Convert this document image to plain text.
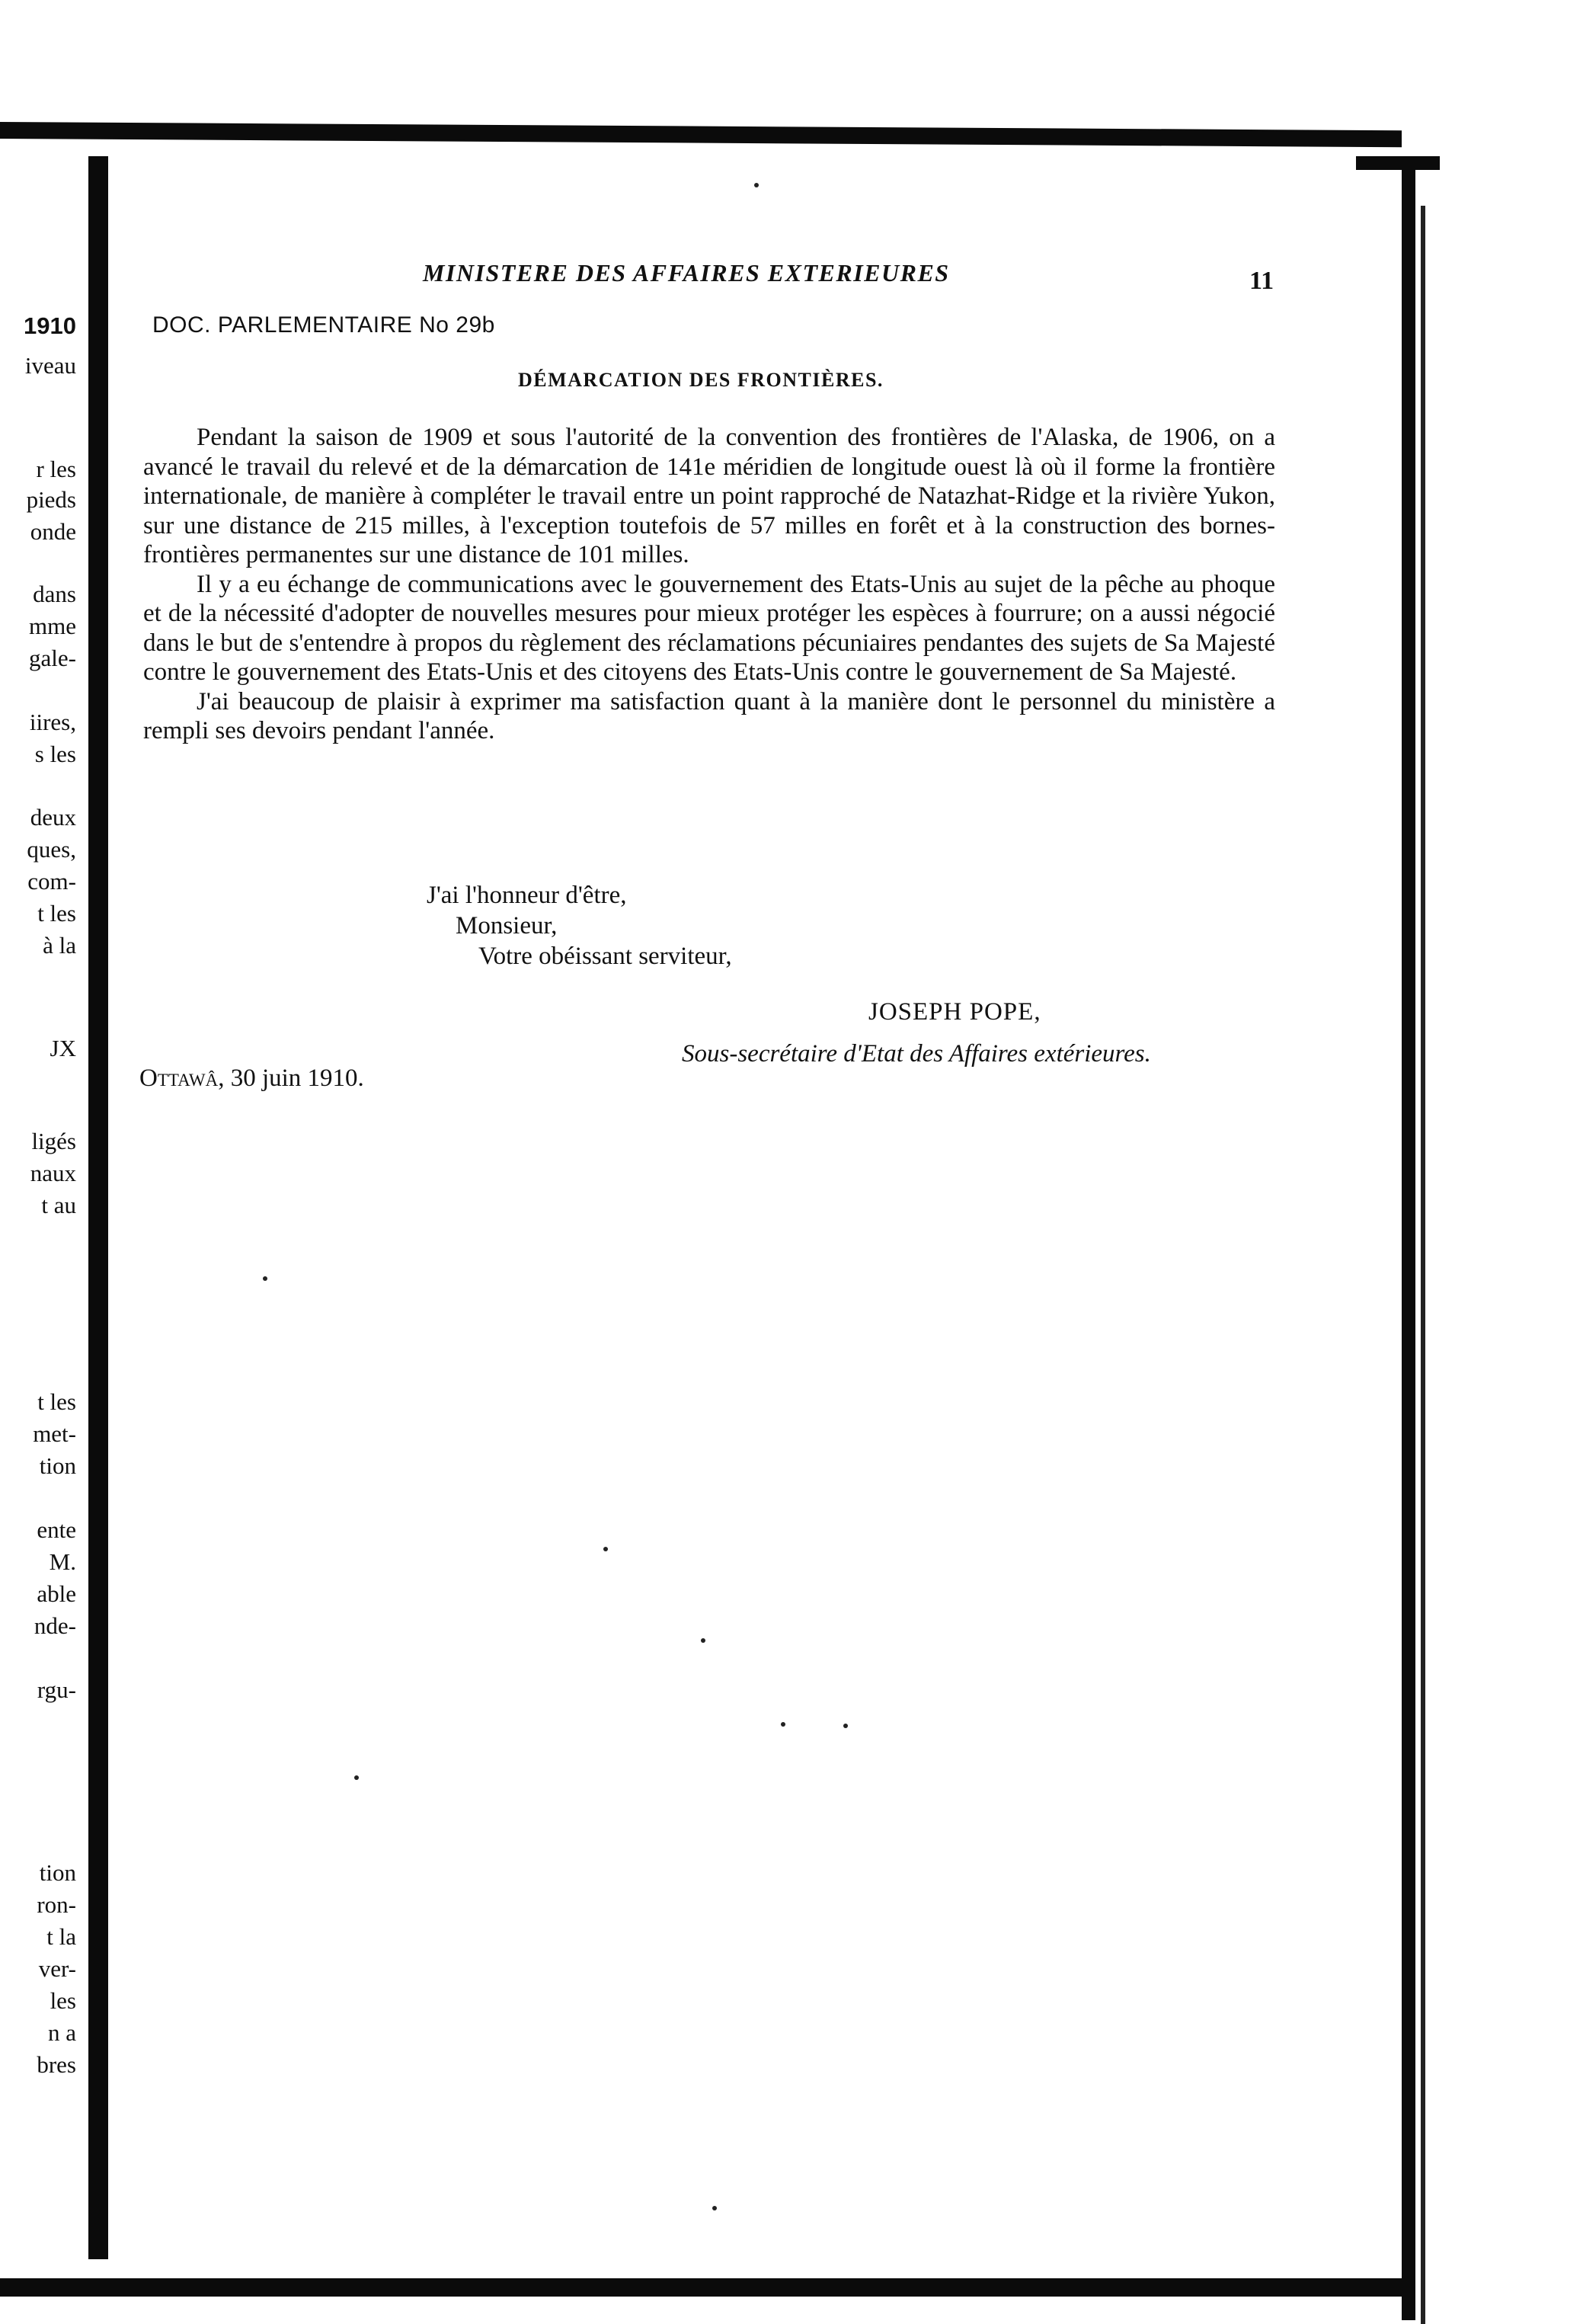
1910
iveau
r les
pieds
onde
dans
mme
gale-
iires,
s les
deux
ques,
com-
t les
à la
JX
ligés
naux
t au
t les
met-
tion
ente
M.
able
nde-
rgu-
tion
ron-
t la
ver-
les
n a
bres
MINISTERE DES AFFAIRES EXTERIEURES	11
DOC. PARLEMENTAIRE No 29b
DÉMARCATION DES FRONTIÈRES.

Pendant la saison de 1909 et sous l'autorité de la convention des frontières de l'Alaska, de 1906, on a avancé le travail du relevé et de la démarcation de 141e méridien de longitude ouest là où il forme la frontière internationale, de manière à compléter le travail entre un point rapproché de Natazhat-Ridge et la rivière Yukon, sur une distance de 215 milles, à l'exception toutefois de 57 milles en forêt et à la construction des bornes-frontières permanentes sur une distance de 101 milles.

Il y a eu échange de communications avec le gouvernement des Etats-Unis au sujet de la pêche au phoque et de la nécessité d'adopter de nouvelles mesures pour mieux protéger les espèces à fourrure; on a aussi négocié dans le but de s'entendre à propos du règlement des réclamations pécuniaires pendantes des sujets de Sa Majesté contre le gouvernement des Etats-Unis et des citoyens des Etats-Unis contre le gouvernement de Sa Majesté.

J'ai beaucoup de plaisir à exprimer ma satisfaction quant à la manière dont le personnel du ministère a rempli ses devoirs pendant l'année.

J'ai l'honneur d'être,
Monsieur,
Votre obéissant serviteur,
JOSEPH POPE,
Sous-secrétaire d'Etat des Affaires extérieures.
Ottawâ, 30 juin 1910.
